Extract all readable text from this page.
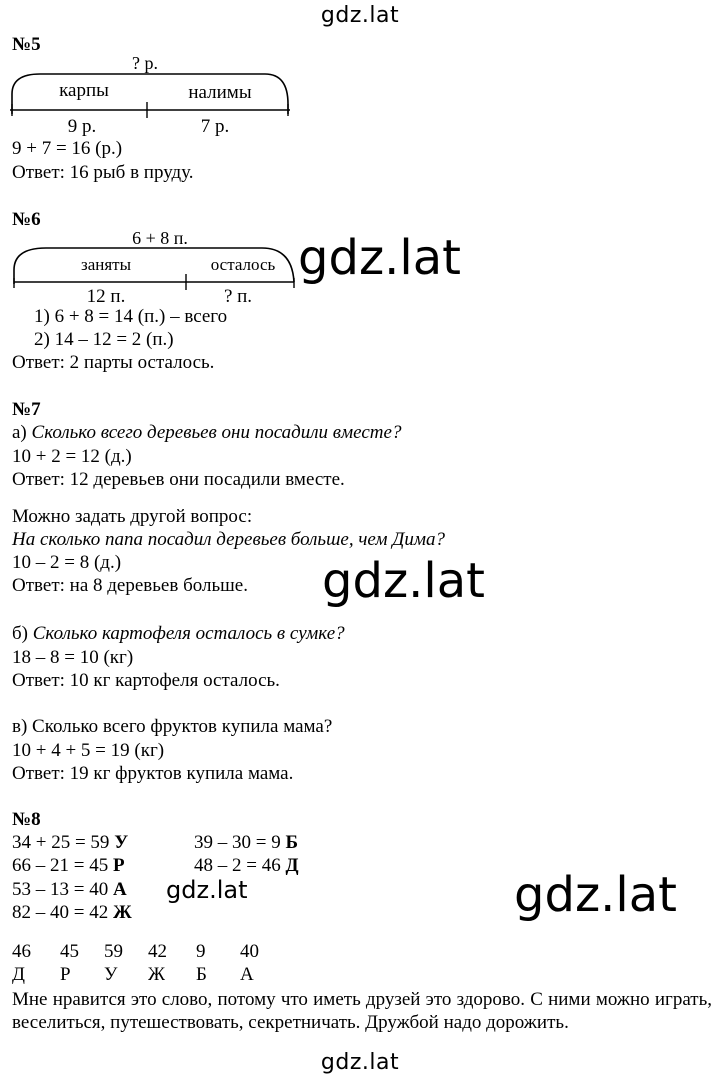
gdz.lat
gdz.lat
gdz.lat
gdz.lat
gdz.lat
gdz.lat
№5
? р.
карпы	налимы
9 р.	7 р.
9 + 7 = 16 (р.)
Ответ: 16 рыб в пруду.
№6
6 + 8 п.
заняты	осталось
12 п.	? п.
1) 6 + 8 = 14 (п.) – всего
2) 14 – 12 = 2 (п.)
Ответ: 2 парты осталось.
№7
а) Сколько всего деревьев они посадили вместе?
10 + 2 = 12 (д.)
Ответ: 12 деревьев они посадили вместе.
Можно задать другой вопрос:
На сколько папа посадил деревьев больше, чем Дима?
10 – 2 = 8 (д.)
Ответ: на 8 деревьев больше.
б) Сколько картофеля осталось в сумке?
18 – 8 = 10 (кг)
Ответ: 10 кг картофеля осталось.
в) Сколько всего фруктов купила мама?
10 + 4 + 5 = 19 (кг)
Ответ: 19 кг фруктов купила мама.
№8
34 + 25 = 59 У
66 – 21 = 45 Р
53 – 13 = 40 А
82 – 40 = 42 Ж
39 – 30 = 9 Б
48 – 2 = 46 Д
46 45 59 42 9 40
Д Р У Ж Б А
Мне нравится это слово, потому что иметь друзей это здорово. С ними можно играть, веселиться, путешествовать, секретничать. Дружбой надо дорожить.
